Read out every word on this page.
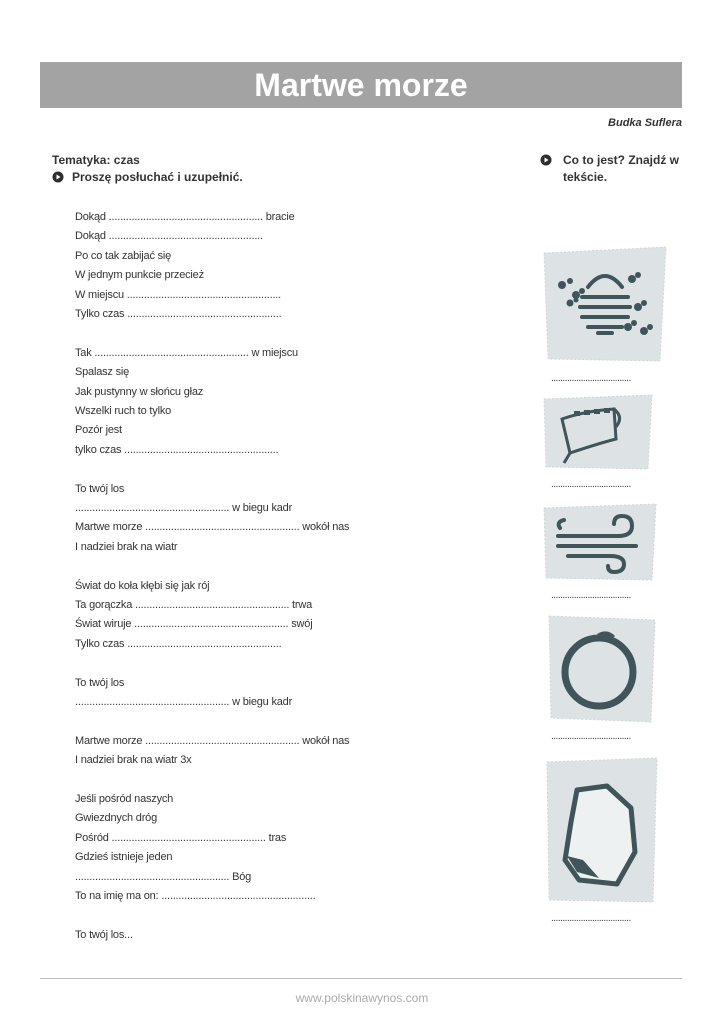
Martwe morze
Budka Suflera
Tematyka: czas
Proszę posłuchać i uzupełnić.
Co to jest? Znajdź w tekście.
Dokąd ...................................................... bracie
Dokąd ......................................................
Po co tak zabijać się
W jednym punkcie przecież
W miejscu ......................................................
Tylko czas ......................................................
Tak ...................................................... w miejscu
Spalasz się
Jak pustynny w słońcu głaz
Wszelki ruch to tylko
Pozór jest
tylko czas ......................................................
To twój los
...................................................... w biegu kadr
Martwe morze ...................................................... wokół nas
I nadziei brak na wiatr
Świat do koła kłębi się jak rój
Ta gorączka ...................................................... trwa
Świat wiruje ...................................................... swój
Tylko czas ......................................................
To twój los
...................................................... w biegu kadr
Martwe morze ...................................................... wokół nas
I nadziei brak na wiatr 3x
Jeśli pośród naszych
Gwiezdnych dróg
Pośród ...................................................... tras
Gdzieś istnieje jeden
...................................................... Bóg
To na imię ma on: ......................................................
To twój los...
...................................
...................................
...................................
...................................
...................................
www.polskinawynos.com
